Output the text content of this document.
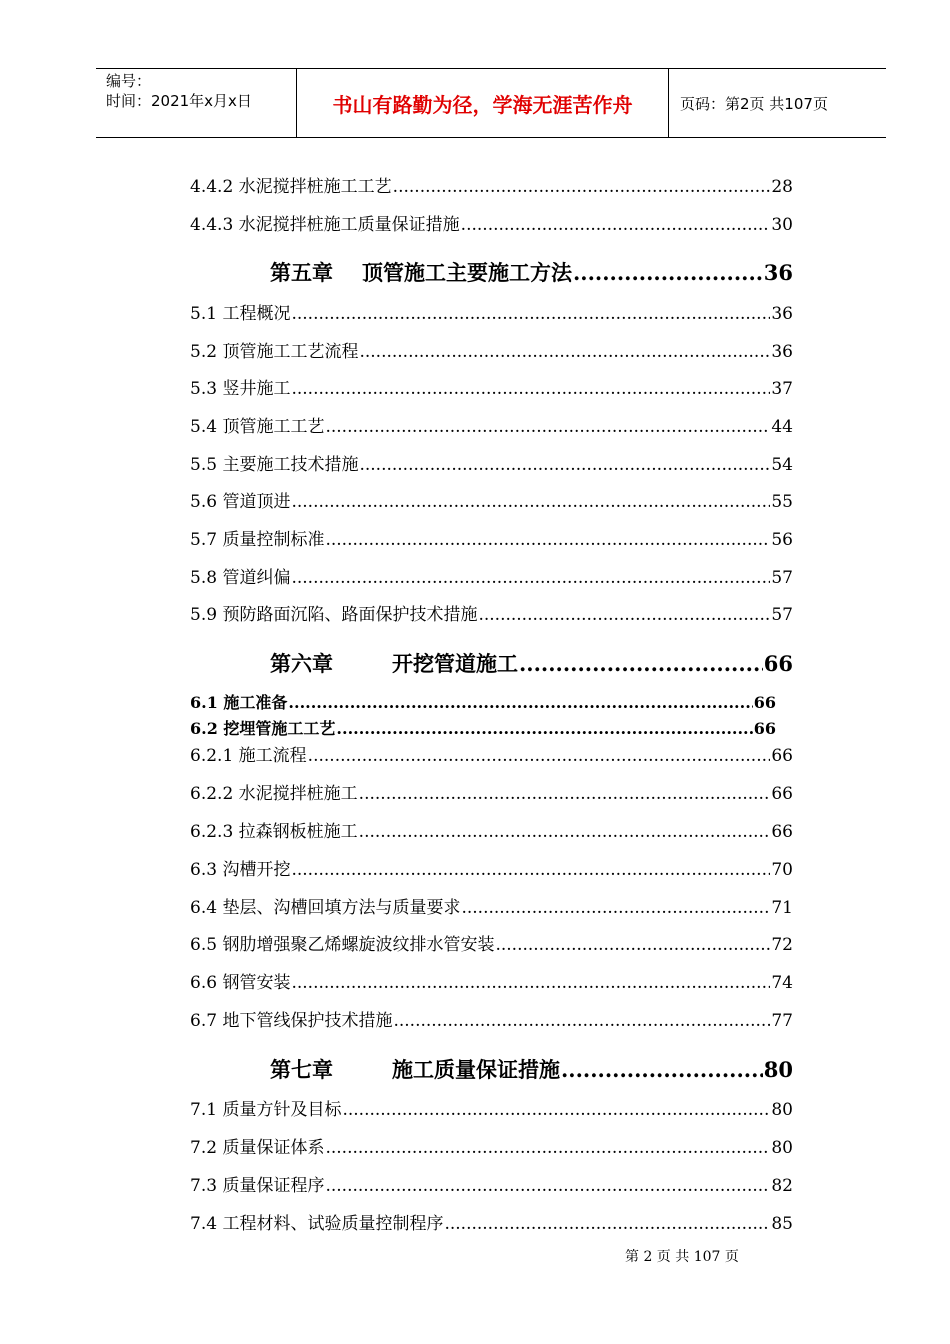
编号：
时间：2021年x月x日	书山有路勤为径，学海无涯苦作舟	页码：第2页 共107页
4.4.2 水泥搅拌桩施工工艺 .....	28
4.4.3 水泥搅拌桩施工质量保证措施 .....	30
第五章	顶管施工主要施工方法 .....	36
5.1 工程概况 .....	36
5.2 顶管施工工艺流程 .....	36
5.3 竖井施工 .....	37
5.4 顶管施工工艺 .....	44
5.5 主要施工技术措施 .....	54
5.6 管道顶进 .....	55
5.7 质量控制标准 .....	56
5.8 管道纠偏 .....	57
5.9 预防路面沉陷、路面保护技术措施 .....	57
第六章	开挖管道施工 .....	66
6.1 施工准备 .....	66
6.2 挖埋管施工工艺 .....	66
6.2.1 施工流程 .....	66
6.2.2 水泥搅拌桩施工 .....	66
6.2.3 拉森钢板桩施工 .....	66
6.3 沟槽开挖 .....	70
6.4 垫层、沟槽回填方法与质量要求 .....	71
6.5 钢肋增强聚乙烯螺旋波纹排水管安装 .....	72
6.6 钢管安装 .....	74
6.7 地下管线保护技术措施 .....	77
第七章	施工质量保证措施 .....	80
7.1 质量方针及目标 .....	80
7.2 质量保证体系 .....	80
7.3 质量保证程序 .....	82
7.4 工程材料、试验质量控制程序 .....	85
第 2 页 共 107 页
